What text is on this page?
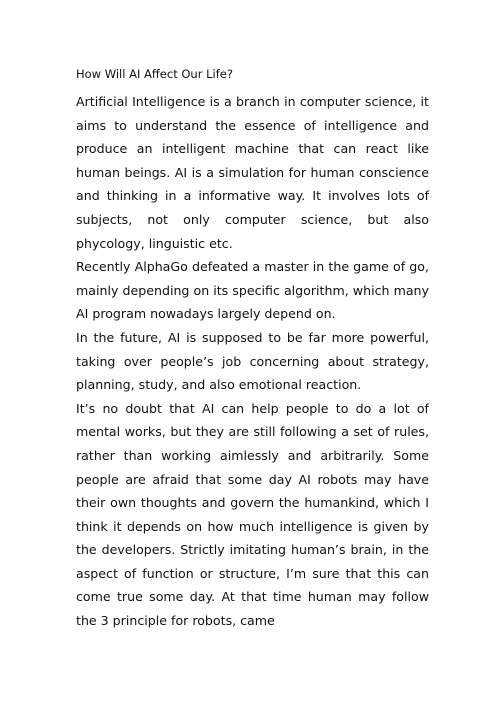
How Will AI Affect Our Life?

Artificial Intelligence is a branch in computer science, it aims to understand the essence of intelligence and produce an intelligent machine that can react like human beings. AI is a simulation for human conscience and thinking in a informative way. It involves lots of subjects, not only computer science, but also phycology, linguistic etc.

Recently AlphaGo defeated a master in the game of go, mainly depending on its specific algorithm, which many AI program nowadays largely depend on.

In the future, AI is supposed to be far more powerful, taking over people’s job concerning about strategy, planning, study, and also emotional reaction.

It’s no doubt that AI can help people to do a lot of mental works, but they are still following a set of rules, rather than working aimlessly and arbitrarily. Some people are afraid that some day AI robots may have their own thoughts and govern the humankind, which I think it depends on how much intelligence is given by the developers. Strictly imitating human’s brain, in the aspect of function or structure, I’m sure that this can come true some day. At that time human may follow the 3 principle for robots, came
